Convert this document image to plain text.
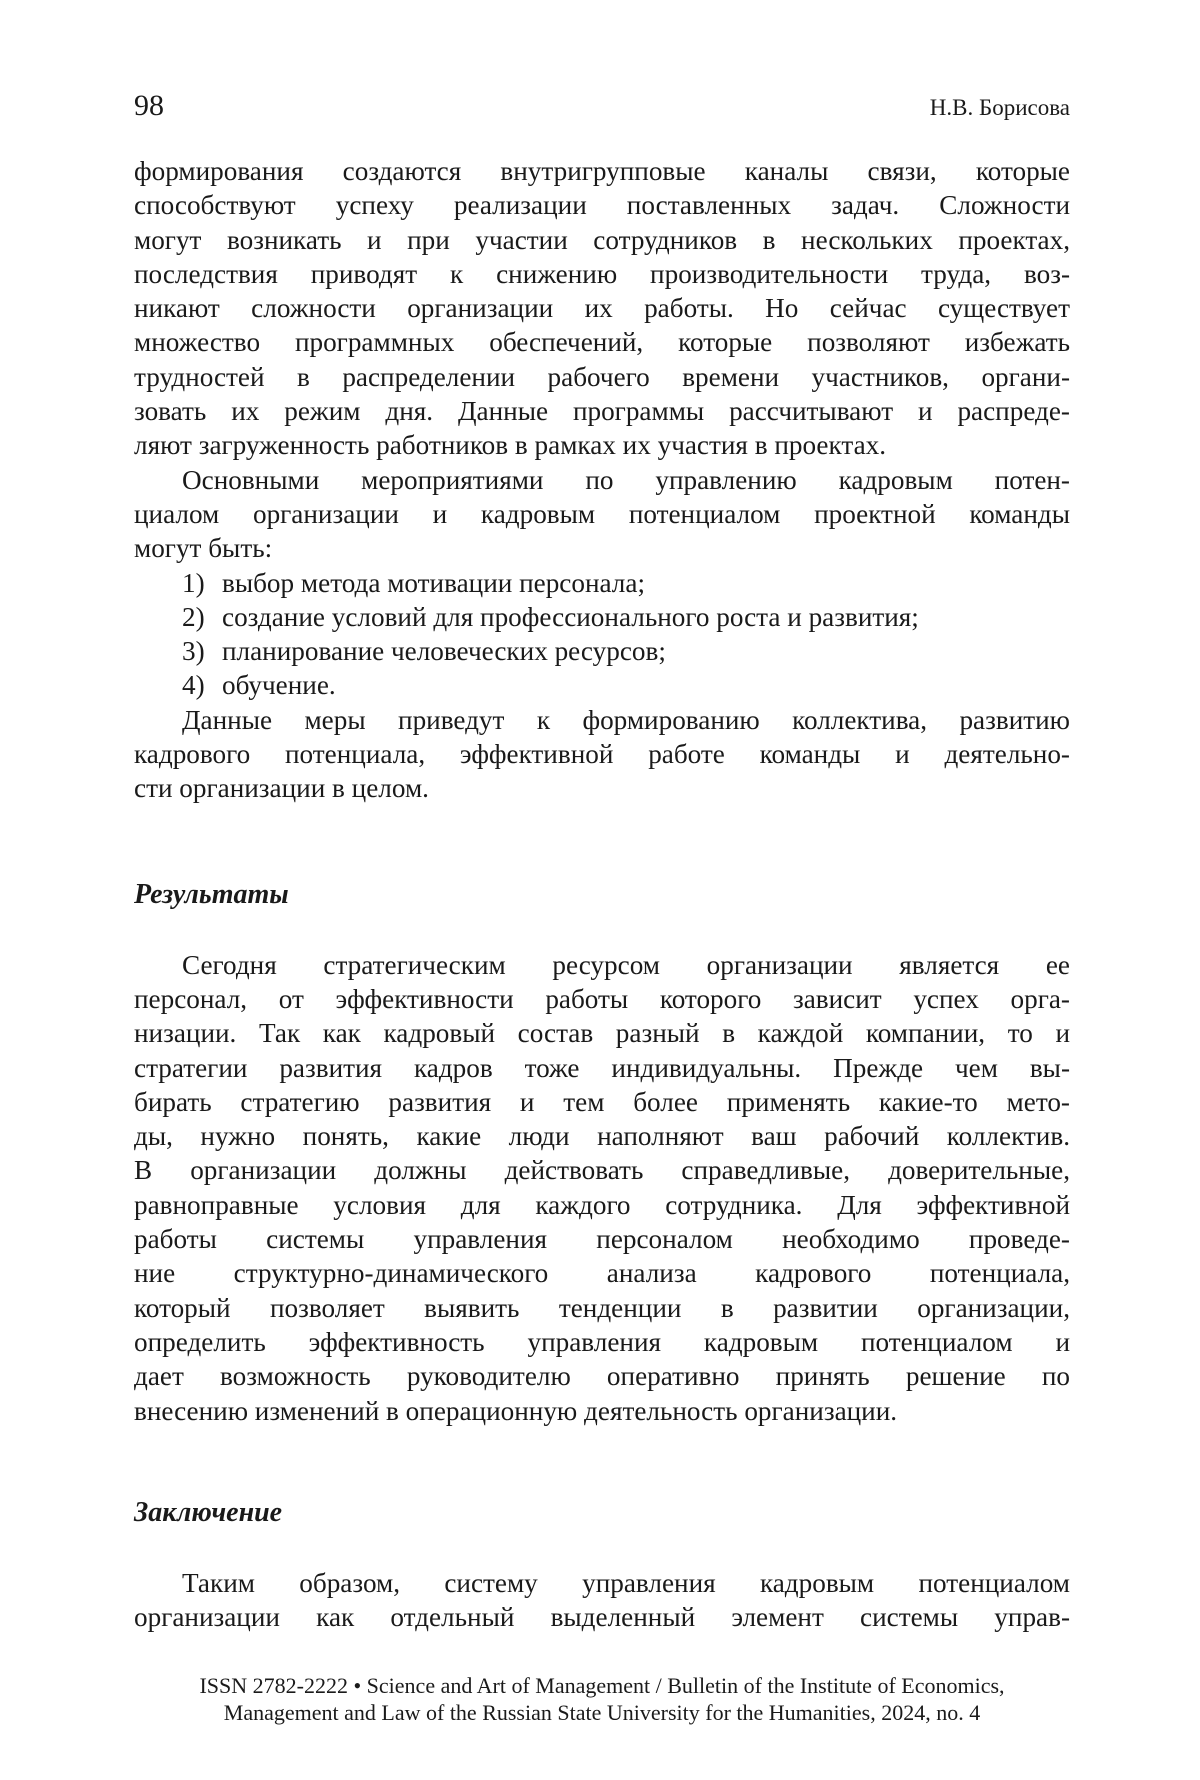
98	Н.В. Борисова
формирования создаются внутригрупповые каналы связи, которые
способствуют успеху реализации поставленных задач. Сложности
могут возникать и при участии сотрудников в нескольких проектах,
последствия приводят к снижению производительности труда, воз-
никают сложности организации их работы. Но сейчас существует
множество программных обеспечений, которые позволяют избежать
трудностей в распределении рабочего времени участников, органи-
зовать их режим дня. Данные программы рассчитывают и распреде-
ляют загруженность работников в рамках их участия в проектах.
Основными мероприятиями по управлению кадровым потен-
циалом организации и кадровым потенциалом проектной команды
могут быть:
1) выбор метода мотивации персонала;
2) создание условий для профессионального роста и развития;
3) планирование человеческих ресурсов;
4) обучение.
Данные меры приведут к формированию коллектива, развитию
кадрового потенциала, эффективной работе команды и деятельно-
сти организации в целом.
Результаты
Сегодня стратегическим ресурсом организации является ее
персонал, от эффективности работы которого зависит успех орга-
низации. Так как кадровый состав разный в каждой компании, то и
стратегии развития кадров тоже индивидуальны. Прежде чем вы-
бирать стратегию развития и тем более применять какие-то мето-
ды, нужно понять, какие люди наполняют ваш рабочий коллектив.
В организации должны действовать справедливые, доверительные,
равноправные условия для каждого сотрудника. Для эффективной
работы системы управления персоналом необходимо проведе-
ние структурно-динамического анализа кадрового потенциала,
который позволяет выявить тенденции в развитии организации,
определить эффективность управления кадровым потенциалом и
дает возможность руководителю оперативно принять решение по
внесению изменений в операционную деятельность организации.
Заключение
Таким образом, систему управления кадровым потенциалом
организации как отдельный выделенный элемент системы управ-
ISSN 2782-2222 • Science and Art of Management / Bulletin of the Institute of Economics,
Management and Law of the Russian State University for the Humanities, 2024, no. 4
